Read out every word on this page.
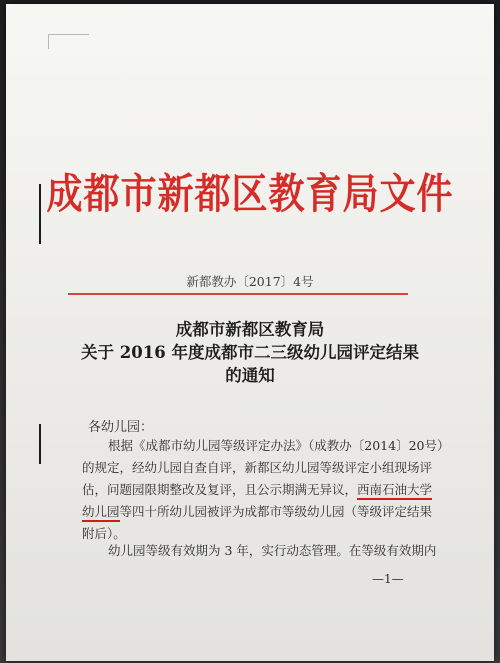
成都市新都区教育局文件
新都教办〔2017〕4号
成都市新都区教育局
关于 2016 年度成都市二三级幼儿园评定结果
的通知
各幼儿园：
根据《成都市幼儿园等级评定办法》（成教办〔2014〕20号）
的规定，经幼儿园自查自评，新都区幼儿园等级评定小组现场评
估，问题园限期整改及复评，且公示期满无异议，西南石油大学
幼儿园等四十所幼儿园被评为成都市等级幼儿园（等级评定结果
附后）。
幼儿园等级有效期为 3 年，实行动态管理。在等级有效期内
—1—
